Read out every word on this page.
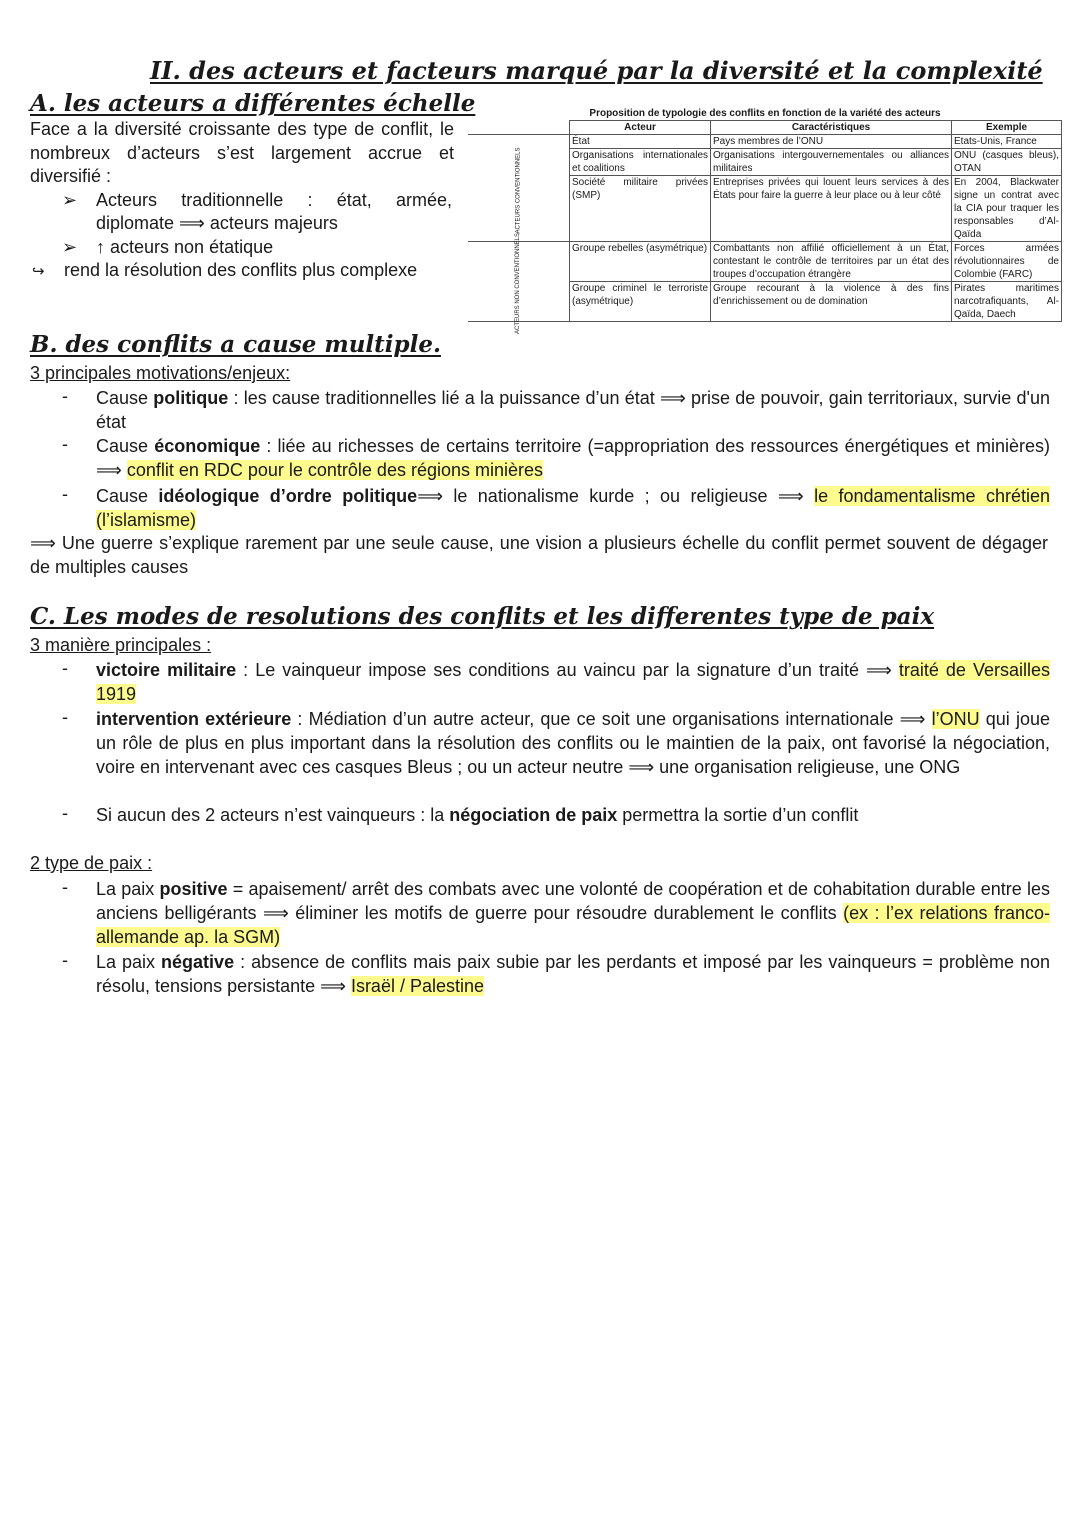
II. des acteurs et facteurs marqué par la diversité et la complexité
A. les acteurs a différentes échelle
Face a la diversité croissante des type de conflit, le nombreux d’acteurs s’est largement accrue et diversifié :
➢ Acteurs traditionnelle : état, armée,
diplomate ⟹ acteurs majeurs
➢ ↑ acteurs non étatique
↪ rend la résolution des conflits plus complexe
Proposition de typologie des conflits en fonction de la variété des acteurs
	Acteur	Caractéristiques	Exemple
ACTEURS CONVENTIONNELS	État	Pays membres de l’ONU	Etats-Unis, France
	Organisations internationales et coalitions	Organisations intergouvernementales ou alliances militaires	ONU (casques bleus), OTAN
	Société militaire privées (SMP)	Entreprises privées qui louent leurs services à des États pour faire la guerre à leur place ou à leur côté	En 2004, Blackwater signe un contrat avec la CIA pour traquer les responsables d’Al-Qaïda
ACTEURS NON CONVENTIONNELS	Groupe rebelles (asymétrique)	Combattants non affilié officiellement à un État, contestant le contrôle de territoires par un état des troupes d’occupation étrangère	Forces armées révolutionnaires de Colombie (FARC)
	Groupe criminel le terroriste (asymétrique)	Groupe recourant à la violence à des fins d’enrichissement ou de domination	Pirates maritimes narcotrafiquants, Al-Qaïda, Daech
B. des conflits a cause multiple.
3 principales motivations/enjeux:
- Cause politique : les cause traditionnelles lié a la puissance d’un état ⟹ prise de pouvoir, gain territoriaux, survie d'un état
- Cause économique : liée au richesses de certains territoire (=appropriation des ressources énergétiques et minières) ⟹ conflit en RDC pour le contrôle des régions minières
- Cause idéologique d’ordre politique⟹ le nationalisme kurde ; ou religieuse ⟹ le fondamentalisme chrétien (l’islamisme)
⟹ Une guerre s’explique rarement par une seule cause, une vision a plusieurs échelle du conflit permet souvent de dégager de multiples causes
C. Les modes de resolutions des conflits et les differentes type de paix
3 manière principales :
- victoire militaire : Le vainqueur impose ses conditions au vaincu par la signature d’un traité ⟹ traité de Versailles 1919
- intervention extérieure : Médiation d’un autre acteur, que ce soit une organisations internationale ⟹ l’ONU qui joue un rôle de plus en plus important dans la résolution des conflits ou le maintien de la paix, ont favorisé la négociation, voire en intervenant avec ces casques Bleus ; ou un acteur neutre ⟹ une organisation religieuse, une ONG
- Si aucun des 2 acteurs n’est vainqueurs : la négociation de paix permettra la sortie d’un conflit
2 type de paix :
- La paix positive = apaisement/ arrêt des combats avec une volonté de coopération et de cohabitation durable entre les anciens belligérants ⟹ éliminer les motifs de guerre pour résoudre durablement le conflits (ex : l’ex relations franco-allemande ap. la SGM)
- La paix négative : absence de conflits mais paix subie par les perdants et imposé par les vainqueurs = problème non résolu, tensions persistante ⟹ Israël / Palestine
